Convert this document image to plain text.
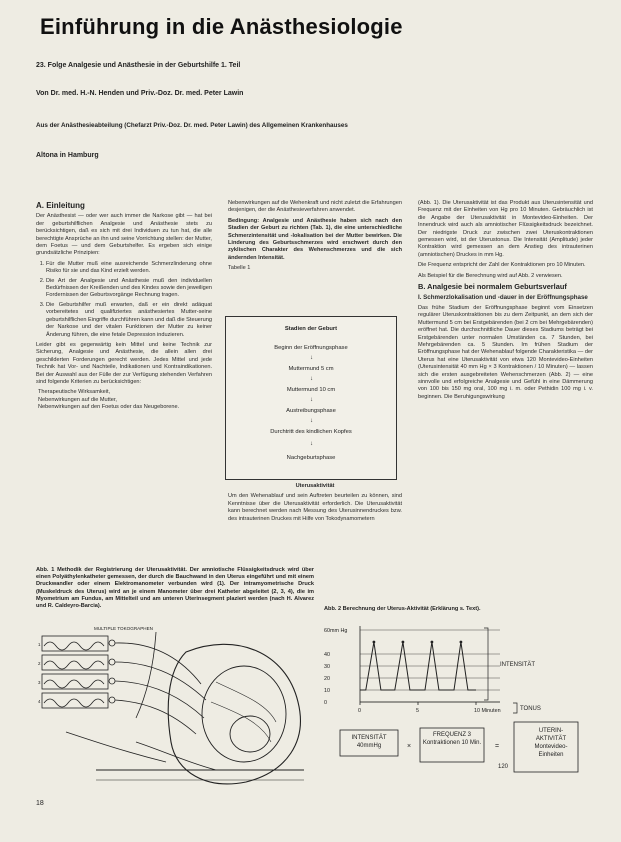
Einführung in die Anästhesiologie
23. Folge Analgesie und Anästhesie in der Geburtshilfe 1. Teil
Von Dr. med. H.-N. Henden und Priv.-Doz. Dr. med. Peter Lawin
Aus der Anästhesieabteilung (Chefarzt Priv.-Doz. Dr. med. Peter Lawin) des Allgemeinen Krankenhauses
Altona in Hamburg
A. Einleitung

Der Anästhesist — oder wer auch immer die Narkose gibt — hat bei der geburtshilflichen Analgesie und Anästhesie stets zu berücksichtigen, daß es sich mit drei Individuen zu tun hat, die alle berechtigte Ansprüche an ihn und seine Vorrichtung stellen: der Mutter, dem Foetus — und dem Geburtshelfer. Es ergeben sich einige grundsätzliche Prinzipien:

1. Für die Mutter muß eine ausreichende Schmerzlinderung ohne Risiko für sie und das Kind erzielt werden.
2. Die Art der Analgesie und Anästhesie muß den individuellen Bedürfnissen der Kreißenden und des Kindes sowie den jeweiligen Fordernissen der Geburtsvorgänge Rechnung tragen.
3. Die Geburtshilfer muß erwarten, daß er ein direkt adäquat vorbereitetes und qualifiziertes anästhesiertes Mutter-seine geburtshilflichen Eingriffe durchführen kann und daß die Steuerung der Narkose und der vitalen Funktionen der Mutter zu keiner Änderung führen, die eine fetale Depression induzieren.

Leider gibt es gegenwärtig kein Mittel und keine Technik zur Sicherung, Analgesie und Anästhesie, die allein allen drei geschilderten Forderungen gerecht werden. Jedes Mittel und jede Technik hat Vor- und Nachteile, Indikationen und Kontraindikationen. Bei der Auswahl aus der Fülle der zur Verfügung stehenden Verfahren sind folgende Kriterien zu berücksichtigen:

Therapeutische Wirksamkeit,
Nebenwirkungen auf die Mutter,
Nebenwirkungen auf den Foetus oder das Neugeborene.

Nebenwirkungen auf die Wehenkraft und nicht zuletzt die Erfahrungen desjenigen, der die Anästhesieverfahren anwendet.

Bedingung: Analgesie und Anästhesie haben sich nach den Stadien der Geburt zu richten (Tab. 1), die eine unterschiedliche Schmerzintensität und -lokalisation bei der Mutter bewirken. Die Linderung des Geburtsschmerzes wird erschwert durch den zyklischen Charakter des Wehenschmerzes und die sich ändernden Intensität.

Tabelle 1

Stadien der Geburt
Beginn der Eröffnungsphase
↓
Muttermund 5 cm
↓
Muttermund 10 cm
↓
Austreibungsphase
↓
Durchtritt des kindlichen Kopfes
↓
Nachgeburtsphase

Uterusaktivität

Um den Wehenablauf und sein Auftreten beurteilen zu können, sind Kenntnisse über die Uterusaktivität erforderlich. Die Uterusaktivität kann berechnet werden nach Messung des Uterusinnendruckes bzw. des intrauterinen Druckes mit Hilfe von Tokodynamometern

(Abb. 1). Die Uterusaktivität ist das Produkt aus Uterusintensität und Frequenz mit der Einheiten von Hg pro 10 Minuten. Gebräuchlich ist die Angabe der Uterusaktivität in Montevideo-Einheiten. Der Innendruck wird auch als amniotischer Flüssigkeitsdruck bezeichnet. Der niedrigste Druck zur zwischen zwei Uteruskontraktionen gemessen wird, ist der Uterustonus. Die Intensität (Amplitude) jeder Kontraktion wird gemessen an dem Anstieg des intrauterinen (amniotischen) Druckes in mm Hg.

Die Frequenz entspricht der Zahl der Kontraktionen pro 10 Minuten.

Als Beispiel für die Berechnung wird auf Abb. 2 verwiesen.

B. Analgesie bei normalem Geburtsverlauf

I. Schmerzlokalisation und -dauer in der Eröffnungsphase

Das frühe Stadium der Eröffnungsphase beginnt vom Einsetzen regulärer Uteruskontraktionen bis zu dem Zeitpunkt, an dem sich der Muttermund 5 cm bei Erstgebärenden (bei 2 cm bei Mehrgebärenden) eröffnet hat. Die durchschnittliche Dauer dieses Stadiums beträgt bei Erstgebärenden unter normalen Umständen ca. 7 Stunden, bei Mehrgebärenden ca. 5 Stunden. Im frühen Stadium der Eröffnungsphase hat der Wehenablauf folgende Charakteristika — der Uterus hat eine Uterusaktivität von etwa 120 Montevideo-Einheiten (Uterusintensität 40 mm Hg × 3 Kontraktionen / 10 Minuten) — lassen sich die ersten ausgebreiteten Wehenschmerzen (Abb. 2) — eine sinnvolle und erfolgreiche Analgesie und Gefühl in eine Dämmerung von 100 bis 150 mg oral, 100 mg i. m. oder Pethidin 100 mg i. v. beginnen. Die Beruhigungswirkung

Abb. 1 Methodik der Registrierung der Uterusaktivität. Der amniotische Flüssigkeitsdruck wird über einen Polyäthylenkatheter gemessen, der durch die Bauchwand in den Uterus eingeführt und mit einem Druckwandler oder einem Elektromanometer verbunden wird (1). Der intramyometrische Druck (Muskeldruck des Uterus) wird an je einem Manometer über drei Katheter abgeleitet (2, 3, 4), die im Myometrium am Fundus, am Mittelteil und am unteren Uterinsegment plaziert werden (nach H. Alvarez und R. Caldeyro-Barcia).
MULTIPLE TOKOGRAPHEN
1
2
3
4
Abb. 2 Berechnung der Uterus-Aktivität (Erklärung s. Text).
60mm Hg
40
30
20
10
0
0	5	10 Minuten
INTENSITÄT
TONUS
INTENSITÄT 40mmHg	×
FREQUENZ 3 Kontraktionen 10 Min.
=
UTERIN-AKTIVITÄT Montevideo-Einheiten
120
18
